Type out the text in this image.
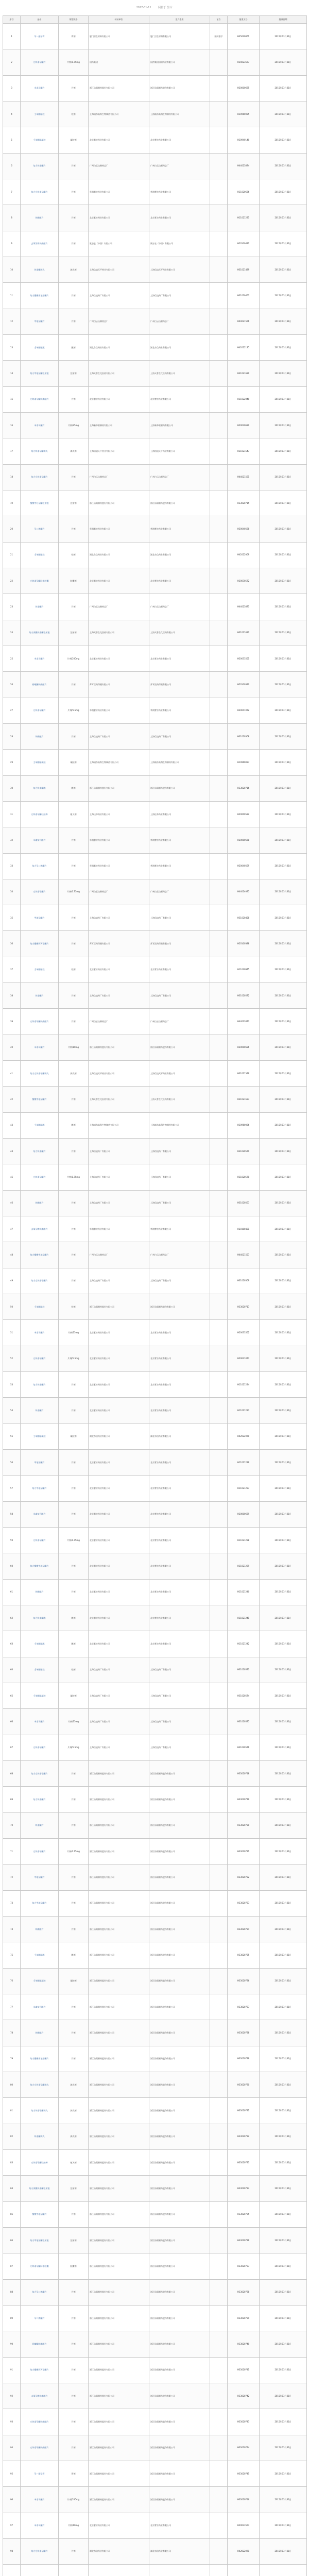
2017-01-11	阿拉丁 图 片
序号	品名	剂型规格	持证单位	生产企业	复方	批准文号	批准日期
1	孕一避孕膏	膏剂	厦门卫生材料有限公司	厦门卫生材料有限公司	国药准字	H35020061	2015年03月31日
2	左炔诺孕酮片	片剂/0.75mg	国药集团	国药集团国瑞药业有限公司		H34023567	2015年03月31日
3	米非司酮片	片剂	浙江仙琚制药股份有限公司	浙江仙琚制药股份有限公司		H20000685	2015年03月31日
4	壬苯醇醚栓	栓剂	上海浦东高科生物制药有限公司	上海浦东高科生物制药有限公司		H10960035	2015年03月31日
5	壬苯醇醚凝胶	凝胶剂	北京紫竹药业有限公司	北京紫竹药业有限公司		H10940140	2015年03月31日
6	复方炔诺酮片	片剂	广州白云山制药总厂	广州白云山制药总厂		H44023874	2015年03月31日
7	复方左炔诺孕酮片	片剂	华润紫竹药业有限公司	华润紫竹药业有限公司		H11020626	2015年03月31日
8	炔雌醇片	片剂	北京紫竹药业有限公司	北京紫竹药业有限公司		H11021235	2015年03月31日
9	去氧孕烯炔雌醇片	片剂	欧加农（中国）有限公司	欧加农（中国）有限公司		H20100432	2015年03月31日
10	炔诺酮滴丸	滴丸剂	上海信谊天平药业有限公司	上海信谊天平药业有限公司		H31021489	2015年03月31日
11	复方醋酸甲地孕酮片	片剂	上海信谊药厂有限公司	上海信谊药厂有限公司		H31020457	2015年03月31日
12	甲地孕酮片	片剂	广州白云山制药总厂	广州白云山制药总厂		H44021556	2015年03月31日
13	壬苯醇醚膜	膜剂	湖北东信药业有限公司	湖北东信药业有限公司		H42022125	2015年03月31日
14	复方甲地孕酮注射液	注射剂	上海天普生化医药有限公司	上海天普生化医药有限公司		H31021620	2015年03月31日
15	左炔诺孕酮炔雌醚片	片剂	北京紫竹药业有限公司	北京紫竹药业有限公司		H11022040	2015年03月31日
16	米非司酮片	片剂/25mg	上海新华联制药有限公司	上海新华联制药有限公司		H20030620	2015年03月31日
17	复方炔诺孕酮滴丸	滴丸剂	上海信谊天平药业有限公司	上海信谊天平药业有限公司		H31021547	2015年03月31日
18	复方左炔诺孕酮片	片剂	广州白云山制药总厂	广州白云山制药总厂		H44021561	2015年03月31日
19	醋酸甲羟孕酮注射液	注射剂	浙江仙琚制药股份有限公司	浙江仙琚制药股份有限公司		H33020715	2015年03月31日
20	孕二烯酮片	片剂	华润紫竹药业有限公司	华润紫竹药业有限公司		H20040568	2015年03月31日
21	壬苯醇醚栓	栓剂	湖北东信药业有限公司	湖北东信药业有限公司		H42022069	2015年03月31日
22	左炔诺孕酮肠溶胶囊	胶囊剂	北京紫竹药业有限公司	北京紫竹药业有限公司		H20030572	2015年03月31日
23	炔诺酮片	片剂	广州白云山制药总厂	广州白云山制药总厂		H44023875	2015年03月31日
24	复方庚酸炔诺酮注射液	注射剂	上海天普生化医药有限公司	上海天普生化医药有限公司		H31021632	2015年03月31日
25	米非司酮片	片剂/200mg	北京紫竹药业有限公司	北京紫竹药业有限公司		H20033551	2015年03月31日
26	屈螺酮炔雌醇片	片剂	拜耳医药保健有限公司	拜耳医药保健有限公司		H20100390	2015年03月31日
27	左炔诺孕酮片	片剂/1.5mg	华润紫竹药业有限公司	华润紫竹药业有限公司		H20041072	2015年03月31日
28	炔雌醚片	片剂	上海信谊药厂有限公司	上海信谊药厂有限公司		H31020568	2015年03月31日
29	壬苯醇醚凝胶	凝胶剂	上海浦东高科生物制药有限公司	上海浦东高科生物制药有限公司		H10960037	2015年03月31日
30	复方炔诺酮膜	膜剂	浙江仙琚制药股份有限公司	浙江仙琚制药股份有限公司		H33020716	2015年03月31日
31	左炔诺孕酮硅胶棒	植入剂	上海达华药业有限公司	上海达华药业有限公司		H20000522	2015年03月31日
32	米索前列醇片	片剂	华润紫竹药业有限公司	华润紫竹药业有限公司		H20000668	2015年03月31日
33	复方孕二烯酮片	片剂	华润紫竹药业有限公司	华润紫竹药业有限公司		H20040569	2015年03月31日
34	左炔诺孕酮片	片剂/0.75mg	广州白云山制药总厂	广州白云山制药总厂		H44024095	2015年03月31日
35	甲地孕酮片	片剂	上海信谊药厂有限公司	上海信谊药厂有限公司		H31020458	2015年03月31日
36	复方醋酸环丙孕酮片	片剂	拜耳医药保健有限公司	拜耳医药保健有限公司		H20100388	2015年03月31日
37	壬苯醇醚栓	栓剂	北京紫竹药业有限公司	北京紫竹药业有限公司		H11020945	2015年03月31日
38	炔诺酮片	片剂	上海信谊药厂有限公司	上海信谊药厂有限公司		H31020572	2015年03月31日
39	左炔诺孕酮炔雌醇片	片剂	广州白云山制药总厂	广州白云山制药总厂		H44023873	2015年03月31日
40	米非司酮片	片剂/10mg	浙江仙琚制药股份有限公司	浙江仙琚制药股份有限公司		H20000686	2015年03月31日
41	复方左炔诺孕酮滴丸	滴丸剂	上海信谊天平药业有限公司	上海信谊天平药业有限公司		H31021546	2015年03月31日
42	醋酸甲地孕酮片	片剂	上海天普生化医药有限公司	上海天普生化医药有限公司		H31021633	2015年03月31日
43	壬苯醇醚膜	膜剂	上海浦东高科生物制药有限公司	上海浦东高科生物制药有限公司		H10960036	2015年03月31日
44	复方炔诺酮片	片剂	上海信谊药厂有限公司	上海信谊药厂有限公司		H31020571	2015年03月31日
45	左炔诺孕酮片	片剂/0.75mg	上海信谊药厂有限公司	上海信谊药厂有限公司		H31020570	2015年03月31日
46	炔雌醇片	片剂	上海信谊药厂有限公司	上海信谊药厂有限公司		H31020567	2015年03月31日
47	去氧孕烯炔雌醇片	片剂	华润紫竹药业有限公司	华润紫竹药业有限公司		H20100431	2015年03月31日
48	复方醋酸甲地孕酮片	片剂	广州白云山制药总厂	广州白云山制药总厂		H44021557	2015年03月31日
49	复方左炔诺孕酮片	片剂	上海信谊药厂有限公司	上海信谊药厂有限公司		H31020569	2015年03月31日
50	壬苯醇醚栓	栓剂	浙江仙琚制药股份有限公司	浙江仙琚制药股份有限公司		H33020717	2015年03月31日
51	米非司酮片	片剂/25mg	北京紫竹药业有限公司	北京紫竹药业有限公司		H20033552	2015年03月31日
52	左炔诺孕酮片	片剂/1.5mg	北京紫竹药业有限公司	北京紫竹药业有限公司		H20041073	2015年03月31日
53	复方炔诺酮片	片剂	北京紫竹药业有限公司	北京紫竹药业有限公司		H11021234	2015年03月31日
54	炔诺酮片	片剂	北京紫竹药业有限公司	北京紫竹药业有限公司		H11021233	2015年03月31日
55	壬苯醇醚凝胶	凝胶剂	湖北东信药业有限公司	湖北东信药业有限公司		H42022070	2015年03月31日
56	甲地孕酮片	片剂	北京紫竹药业有限公司	北京紫竹药业有限公司		H11021236	2015年03月31日
57	复方甲地孕酮片	片剂	北京紫竹药业有限公司	北京紫竹药业有限公司		H11021237	2015年03月31日
58	米索前列醇片	片剂	北京紫竹药业有限公司	北京紫竹药业有限公司		H20000669	2015年03月31日
59	左炔诺孕酮片	片剂/0.75mg	北京紫竹药业有限公司	北京紫竹药业有限公司		H11021238	2015年03月31日
60	复方醋酸甲地孕酮片	片剂	北京紫竹药业有限公司	北京紫竹药业有限公司		H11021239	2015年03月31日
61	炔雌醚片	片剂	北京紫竹药业有限公司	北京紫竹药业有限公司		H11021240	2015年03月31日
62	复方炔诺酮膜	膜剂	北京紫竹药业有限公司	北京紫竹药业有限公司		H11021241	2015年03月31日
63	壬苯醇醚膜	膜剂	北京紫竹药业有限公司	北京紫竹药业有限公司		H11021242	2015年03月31日
64	壬苯醇醚栓	栓剂	上海信谊药厂有限公司	上海信谊药厂有限公司		H31020573	2015年03月31日
65	壬苯醇醚凝胶	凝胶剂	上海信谊药厂有限公司	上海信谊药厂有限公司		H31020574	2015年03月31日
66	米非司酮片	片剂/25mg	上海信谊药厂有限公司	上海信谊药厂有限公司		H31020575	2015年03月31日
67	左炔诺孕酮片	片剂/1.5mg	上海信谊药厂有限公司	上海信谊药厂有限公司		H31020576	2015年03月31日
68	复方左炔诺孕酮片	片剂	浙江仙琚制药股份有限公司	浙江仙琚制药股份有限公司		H33020718	2015年03月31日
69	复方炔诺酮片	片剂	浙江仙琚制药股份有限公司	浙江仙琚制药股份有限公司		H33020719	2015年03月31日
70	炔诺酮片	片剂	浙江仙琚制药股份有限公司	浙江仙琚制药股份有限公司		H33020720	2015年03月31日
71	左炔诺孕酮片	片剂/0.75mg	浙江仙琚制药股份有限公司	浙江仙琚制药股份有限公司		H33020721	2015年03月31日
72	甲地孕酮片	片剂	浙江仙琚制药股份有限公司	浙江仙琚制药股份有限公司		H33020722	2015年03月31日
73	复方甲地孕酮片	片剂	浙江仙琚制药股份有限公司	浙江仙琚制药股份有限公司		H33020723	2015年03月31日
74	炔雌醇片	片剂	浙江仙琚制药股份有限公司	浙江仙琚制药股份有限公司		H33020724	2015年03月31日
75	壬苯醇醚膜	膜剂	浙江仙琚制药股份有限公司	浙江仙琚制药股份有限公司		H33020725	2015年03月31日
76	壬苯醇醚凝胶	凝胶剂	浙江仙琚制药股份有限公司	浙江仙琚制药股份有限公司		H33020726	2015年03月31日
77	米索前列醇片	片剂	浙江仙琚制药股份有限公司	浙江仙琚制药股份有限公司		H33020727	2015年03月31日
78	炔雌醚片	片剂	浙江仙琚制药股份有限公司	浙江仙琚制药股份有限公司		H33020728	2015年03月31日
79	复方醋酸甲地孕酮片	片剂	浙江仙琚制药股份有限公司	浙江仙琚制药股份有限公司		H33020729	2015年03月31日
80	复方左炔诺孕酮滴丸	滴丸剂	浙江仙琚制药股份有限公司	浙江仙琚制药股份有限公司		H33020730	2015年03月31日
81	复方炔诺孕酮滴丸	滴丸剂	浙江仙琚制药股份有限公司	浙江仙琚制药股份有限公司		H33020731	2015年03月31日
82	炔诺酮滴丸	滴丸剂	浙江仙琚制药股份有限公司	浙江仙琚制药股份有限公司		H33020732	2015年03月31日
83	左炔诺孕酮硅胶棒	植入剂	浙江仙琚制药股份有限公司	浙江仙琚制药股份有限公司		H33020733	2015年03月31日
84	复方庚酸炔诺酮注射液	注射剂	浙江仙琚制药股份有限公司	浙江仙琚制药股份有限公司		H33020734	2015年03月31日
85	醋酸甲地孕酮片	片剂	浙江仙琚制药股份有限公司	浙江仙琚制药股份有限公司		H33020735	2015年03月31日
86	复方甲地孕酮注射液	注射剂	浙江仙琚制药股份有限公司	浙江仙琚制药股份有限公司		H33020736	2015年03月31日
87	左炔诺孕酮肠溶胶囊	胶囊剂	浙江仙琚制药股份有限公司	浙江仙琚制药股份有限公司		H33020737	2015年03月31日
88	复方孕二烯酮片	片剂	浙江仙琚制药股份有限公司	浙江仙琚制药股份有限公司		H33020738	2015年03月31日
89	孕二烯酮片	片剂	浙江仙琚制药股份有限公司	浙江仙琚制药股份有限公司		H33020739	2015年03月31日
90	屈螺酮炔雌醇片	片剂	浙江仙琚制药股份有限公司	浙江仙琚制药股份有限公司		H33020740	2015年03月31日
91	复方醋酸环丙孕酮片	片剂	浙江仙琚制药股份有限公司	浙江仙琚制药股份有限公司		H33020741	2015年03月31日
92	去氧孕烯炔雌醇片	片剂	浙江仙琚制药股份有限公司	浙江仙琚制药股份有限公司		H33020742	2015年03月31日
93	左炔诺孕酮炔雌醚片	片剂	浙江仙琚制药股份有限公司	浙江仙琚制药股份有限公司		H33020743	2015年03月31日
94	左炔诺孕酮炔雌醇片	片剂	浙江仙琚制药股份有限公司	浙江仙琚制药股份有限公司		H33020744	2015年03月31日
95	孕一避孕膏	膏剂	浙江仙琚制药股份有限公司	浙江仙琚制药股份有限公司		H33020745	2015年03月31日
96	米非司酮片	片剂/200mg	浙江仙琚制药股份有限公司	浙江仙琚制药股份有限公司		H33020746	2015年03月31日
97	米非司酮片	片剂/10mg	北京紫竹药业有限公司	北京紫竹药业有限公司		H20033553	2015年03月31日
98	复方左炔诺孕酮片	片剂	湖北东信药业有限公司	湖北东信药业有限公司		H42022071	2015年03月31日
